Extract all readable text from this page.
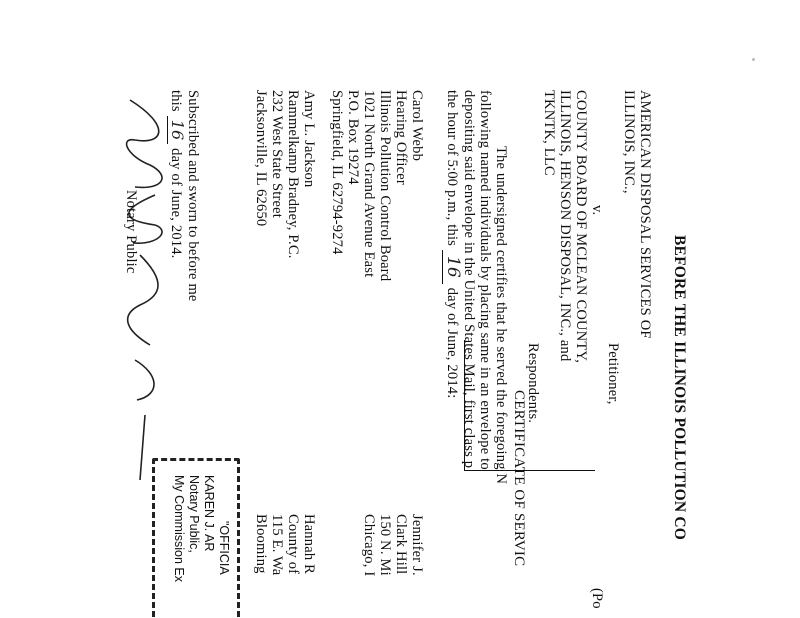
BEFORE THE ILLINOIS POLLUTION CO
AMERICAN DISPOSAL SERVICES OF
ILLINOIS, INC.,
Petitioner,
v.
COUNTY BOARD OF MCLEAN COUNTY,
ILLINOIS, HENSON DISPOSAL, INC., and
TKNTK, LLC
Respondents.
(Po
CERTIFICATE OF SERVIC
The undersigned certifies that he served the foregoing N
following named individuals by placing same in an envelope to
depositing said envelope in the United States Mail, first class p
the hour of 5:00 p.m., this 16 day of June, 2014:
Carol Webb
Hearing Officer
Illinois Pollution Control Board
1021 North Grand Avenue East
P.O. Box 19274
Springfield, IL 62794-9274
Jennifer J.
Clark Hill
150 N. Mi
Chicago, I
Amy L. Jackson
Rammelkamp Bradney, P.C.
232 West State Street
Jacksonville, IL 62650
Hannah R
County of
115 E. Wa
Blooming
"OFFICIA
KAREN J. AR
Notary Public,
My Commission Ex
Subscribed and sworn to before me
this 16 day of June, 2014.
Notary Public
